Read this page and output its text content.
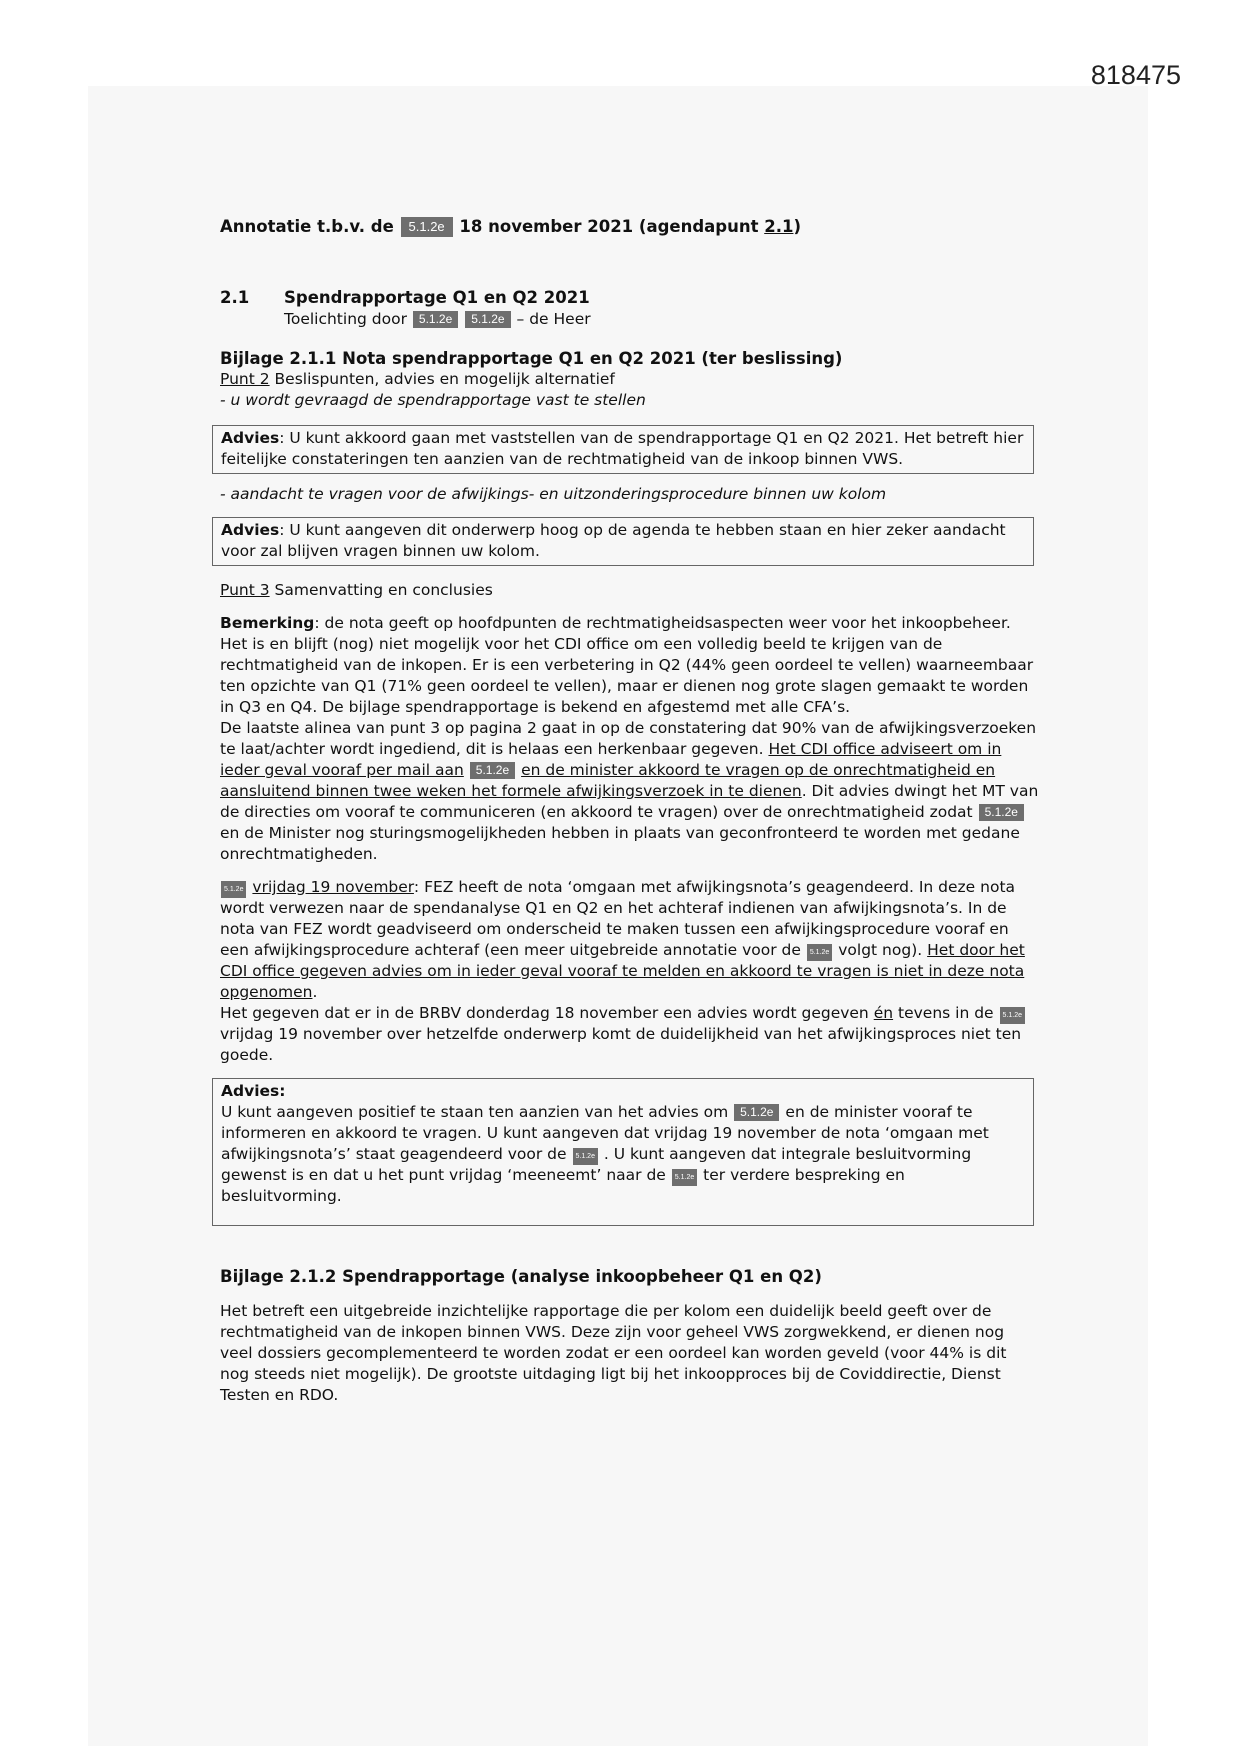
818475
Annotatie t.b.v. de 5.1.2e 18 november 2021 (agendapunt 2.1)
2.1	Spendrapportage Q1 en Q2 2021
Toelichting door 5.1.2e 5.1.2e – de Heer
Bijlage 2.1.1 Nota spendrapportage Q1 en Q2 2021 (ter beslissing)
Punt 2 Beslispunten, advies en mogelijk alternatief
- u wordt gevraagd de spendrapportage vast te stellen
Advies: U kunt akkoord gaan met vaststellen van de spendrapportage Q1 en Q2 2021. Het betreft hier feitelijke constateringen ten aanzien van de rechtmatigheid van de inkoop binnen VWS.
- aandacht te vragen voor de afwijkings- en uitzonderingsprocedure binnen uw kolom
Advies: U kunt aangeven dit onderwerp hoog op de agenda te hebben staan en hier zeker aandacht voor zal blijven vragen binnen uw kolom.
Punt 3 Samenvatting en conclusies

Bemerking: de nota geeft op hoofdpunten de rechtmatigheidsaspecten weer voor het inkoopbeheer. Het is en blijft (nog) niet mogelijk voor het CDI office om een volledig beeld te krijgen van de rechtmatigheid van de inkopen. Er is een verbetering in Q2 (44% geen oordeel te vellen) waarneembaar ten opzichte van Q1 (71% geen oordeel te vellen), maar er dienen nog grote slagen gemaakt te worden in Q3 en Q4. De bijlage spendrapportage is bekend en afgestemd met alle CFA’s.

De laatste alinea van punt 3 op pagina 2 gaat in op de constatering dat 90% van de afwijkingsverzoeken te laat/achter wordt ingediend, dit is helaas een herkenbaar gegeven. Het CDI office adviseert om in ieder geval vooraf per mail aan 5.1.2e en de minister akkoord te vragen op de onrechtmatigheid en aansluitend binnen twee weken het formele afwijkingsverzoek in te dienen. Dit advies dwingt het MT van de directies om vooraf te communiceren (en akkoord te vragen) over de onrechtmatigheid zodat 5.1.2e en de Minister nog sturingsmogelijkheden hebben in plaats van geconfronteerd te worden met gedane onrechtmatigheden.

5.1.2e vrijdag 19 november: FEZ heeft de nota ‘omgaan met afwijkingsnota’s geagendeerd. In deze nota wordt verwezen naar de spendanalyse Q1 en Q2 en het achteraf indienen van afwijkingsnota’s. In de nota van FEZ wordt geadviseerd om onderscheid te maken tussen een afwijkingsprocedure vooraf en een afwijkingsprocedure achteraf (een meer uitgebreide annotatie voor de 5.1.2e volgt nog). Het door het CDI office gegeven advies om in ieder geval vooraf te melden en akkoord te vragen is niet in deze nota opgenomen.

Het gegeven dat er in de BRBV donderdag 18 november een advies wordt gegeven én tevens in de 5.1.2e vrijdag 19 november over hetzelfde onderwerp komt de duidelijkheid van het afwijkingsproces niet ten goede.

Advies:
U kunt aangeven positief te staan ten aanzien van het advies om 5.1.2e en de minister vooraf te informeren en akkoord te vragen. U kunt aangeven dat vrijdag 19 november de nota ‘omgaan met afwijkingsnota’s’ staat geagendeerd voor de 5.1.2e . U kunt aangeven dat integrale besluitvorming gewenst is en dat u het punt vrijdag ‘meeneemt’ naar de 5.1.2e ter verdere bespreking en besluitvorming.
Bijlage 2.1.2 Spendrapportage (analyse inkoopbeheer Q1 en Q2)

Het betreft een uitgebreide inzichtelijke rapportage die per kolom een duidelijk beeld geeft over de rechtmatigheid van de inkopen binnen VWS. Deze zijn voor geheel VWS zorgwekkend, er dienen nog veel dossiers gecomplementeerd te worden zodat er een oordeel kan worden geveld (voor 44% is dit nog steeds niet mogelijk). De grootste uitdaging ligt bij het inkoopproces bij de Coviddirectie, Dienst Testen en RDO.
